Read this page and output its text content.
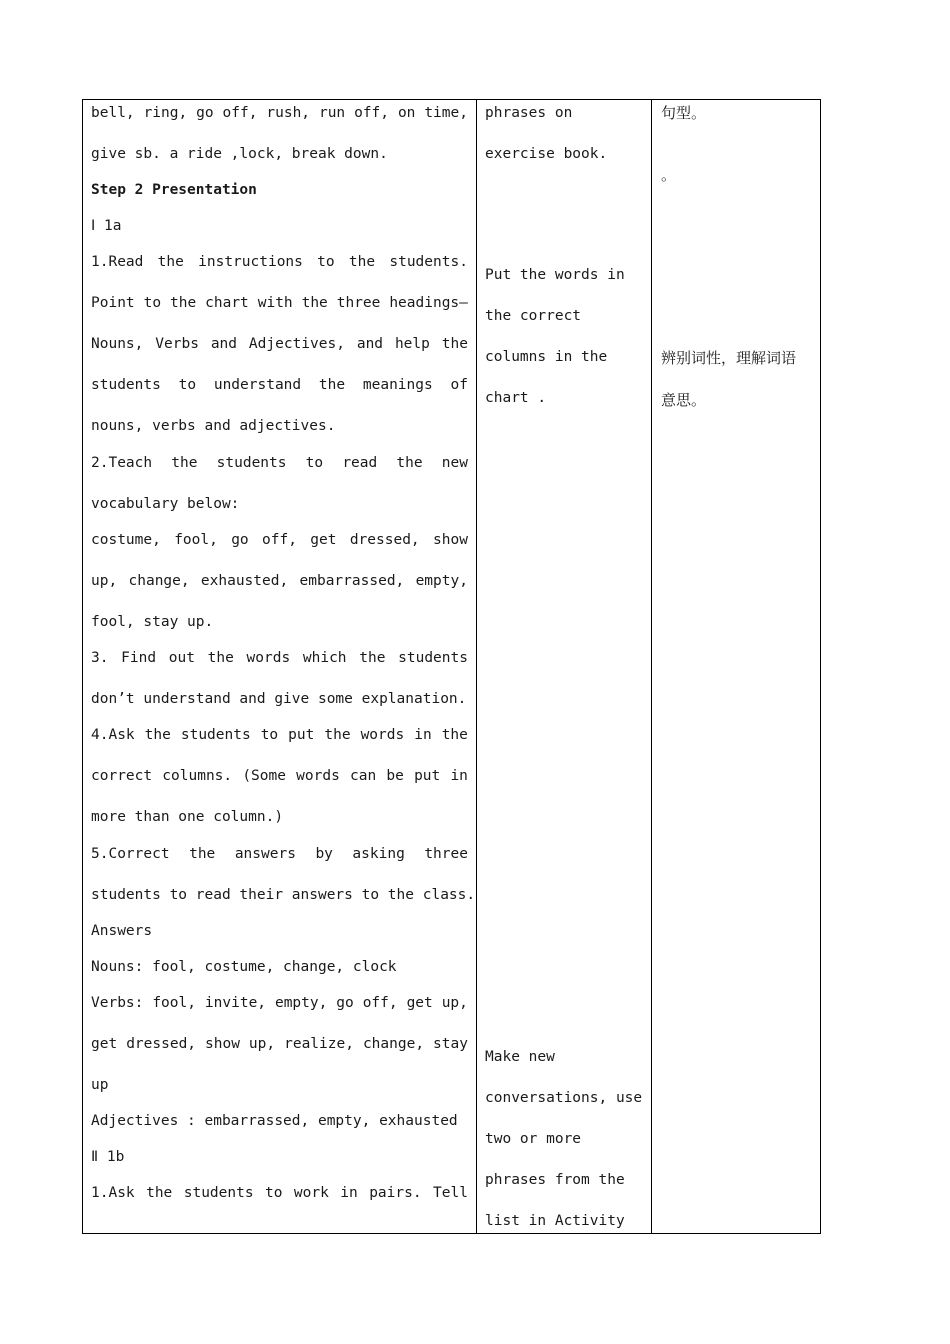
bell, ring, go off, rush, run off, on time,
give sb. a ride ,lock, break down.
Step 2 Presentation
Ⅰ 1a
1.Read the instructions to the students.
Point to the chart with the three headings—
Nouns, Verbs and Adjectives, and help the
students to understand the meanings of
nouns, verbs and adjectives.
2.Teach the students to read the new
vocabulary below:
costume, fool, go off, get dressed, show
up, change, exhausted, embarrassed, empty,
fool, stay up.
3. Find out the words which the students
don’t understand and give some explanation.
4.Ask the students to put the words in the
correct columns. (Some words can be put in
more than one column.)
5.Correct the answers by asking three
students to read their answers to the class.
Answers
Nouns: fool, costume, change, clock
Verbs: fool, invite, empty, go off, get up,
get dressed, show up, realize, change, stay
up
Adjectives : embarrassed, empty, exhausted
Ⅱ 1b
1.Ask the students to work in pairs. Tell
phrases on
exercise book.
Put the words in
the correct
columns in the
chart .
Make new
conversations, use
two or more
phrases from the
list in Activity
句型。
。
辨别词性，理解词语
意思。
